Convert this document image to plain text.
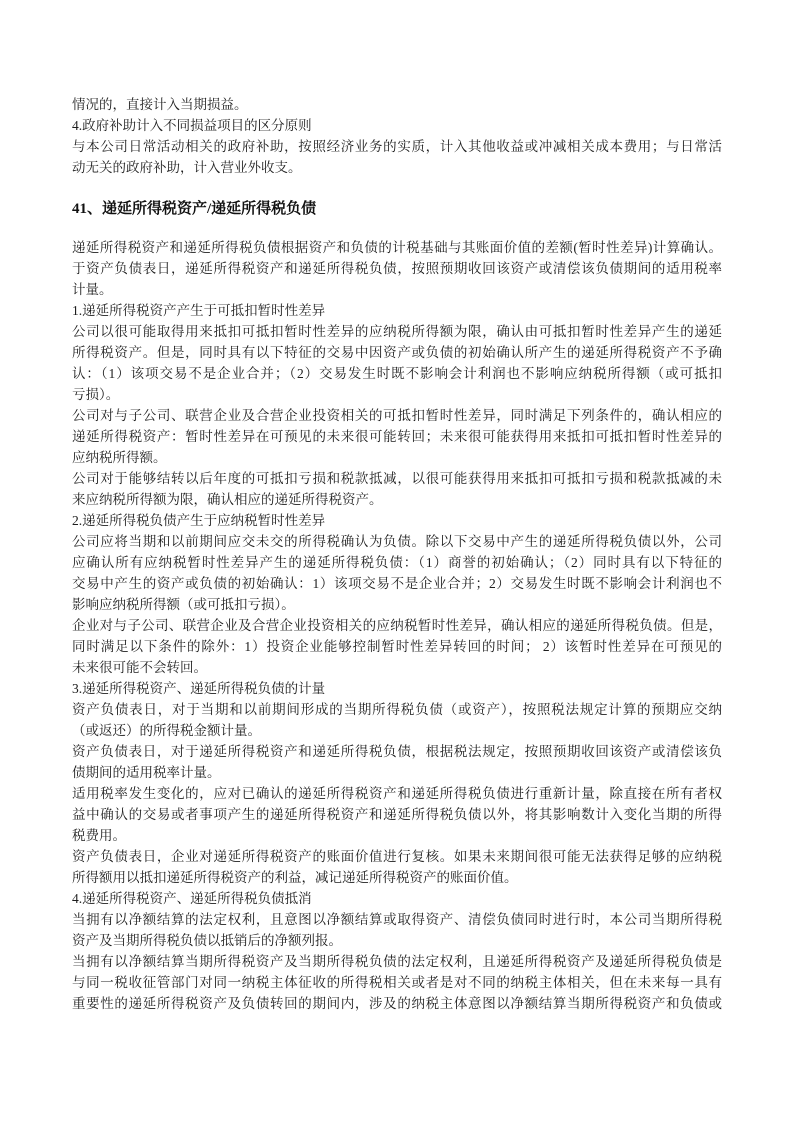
情况的，直接计入当期损益。
4.政府补助计入不同损益项目的区分原则
与本公司日常活动相关的政府补助，按照经济业务的实质，计入其他收益或冲减相关成本费用；与日常活
动无关的政府补助，计入营业外收支。
41、递延所得税资产/递延所得税负债
递延所得税资产和递延所得税负债根据资产和负债的计税基础与其账面价值的差额(暂时性差异)计算确认。
于资产负债表日，递延所得税资产和递延所得税负债，按照预期收回该资产或清偿该负债期间的适用税率
计量。
1.递延所得税资产产生于可抵扣暂时性差异
公司以很可能取得用来抵扣可抵扣暂时性差异的应纳税所得额为限，确认由可抵扣暂时性差异产生的递延
所得税资产。但是，同时具有以下特征的交易中因资产或负债的初始确认所产生的递延所得税资产不予确
认：（1）该项交易不是企业合并；（2）交易发生时既不影响会计利润也不影响应纳税所得额（或可抵扣
亏损）。
公司对与子公司、联营企业及合营企业投资相关的可抵扣暂时性差异，同时满足下列条件的，确认相应的
递延所得税资产：暂时性差异在可预见的未来很可能转回；未来很可能获得用来抵扣可抵扣暂时性差异的
应纳税所得额。
公司对于能够结转以后年度的可抵扣亏损和税款抵减，以很可能获得用来抵扣可抵扣亏损和税款抵减的未
来应纳税所得额为限，确认相应的递延所得税资产。
2.递延所得税负债产生于应纳税暂时性差异
公司应将当期和以前期间应交未交的所得税确认为负债。除以下交易中产生的递延所得税负债以外，公司
应确认所有应纳税暂时性差异产生的递延所得税负债：（1）商誉的初始确认；（2）同时具有以下特征的
交易中产生的资产或负债的初始确认：1）该项交易不是企业合并；2）交易发生时既不影响会计利润也不
影响应纳税所得额（或可抵扣亏损）。
企业对与子公司、联营企业及合营企业投资相关的应纳税暂时性差异，确认相应的递延所得税负债。但是，
同时满足以下条件的除外：1）投资企业能够控制暂时性差异转回的时间； 2）该暂时性差异在可预见的
未来很可能不会转回。
3.递延所得税资产、递延所得税负债的计量
资产负债表日，对于当期和以前期间形成的当期所得税负债（或资产），按照税法规定计算的预期应交纳
（或返还）的所得税金额计量。
资产负债表日，对于递延所得税资产和递延所得税负债，根据税法规定，按照预期收回该资产或清偿该负
债期间的适用税率计量。
适用税率发生变化的，应对已确认的递延所得税资产和递延所得税负债进行重新计量，除直接在所有者权
益中确认的交易或者事项产生的递延所得税资产和递延所得税负债以外，将其影响数计入变化当期的所得
税费用。
资产负债表日，企业对递延所得税资产的账面价值进行复核。如果未来期间很可能无法获得足够的应纳税
所得额用以抵扣递延所得税资产的利益，减记递延所得税资产的账面价值。
4.递延所得税资产、递延所得税负债抵消
当拥有以净额结算的法定权利，且意图以净额结算或取得资产、清偿负债同时进行时，本公司当期所得税
资产及当期所得税负债以抵销后的净额列报。
当拥有以净额结算当期所得税资产及当期所得税负债的法定权利，且递延所得税资产及递延所得税负债是
与同一税收征管部门对同一纳税主体征收的所得税相关或者是对不同的纳税主体相关，但在未来每一具有
重要性的递延所得税资产及负债转回的期间内，涉及的纳税主体意图以净额结算当期所得税资产和负债或
